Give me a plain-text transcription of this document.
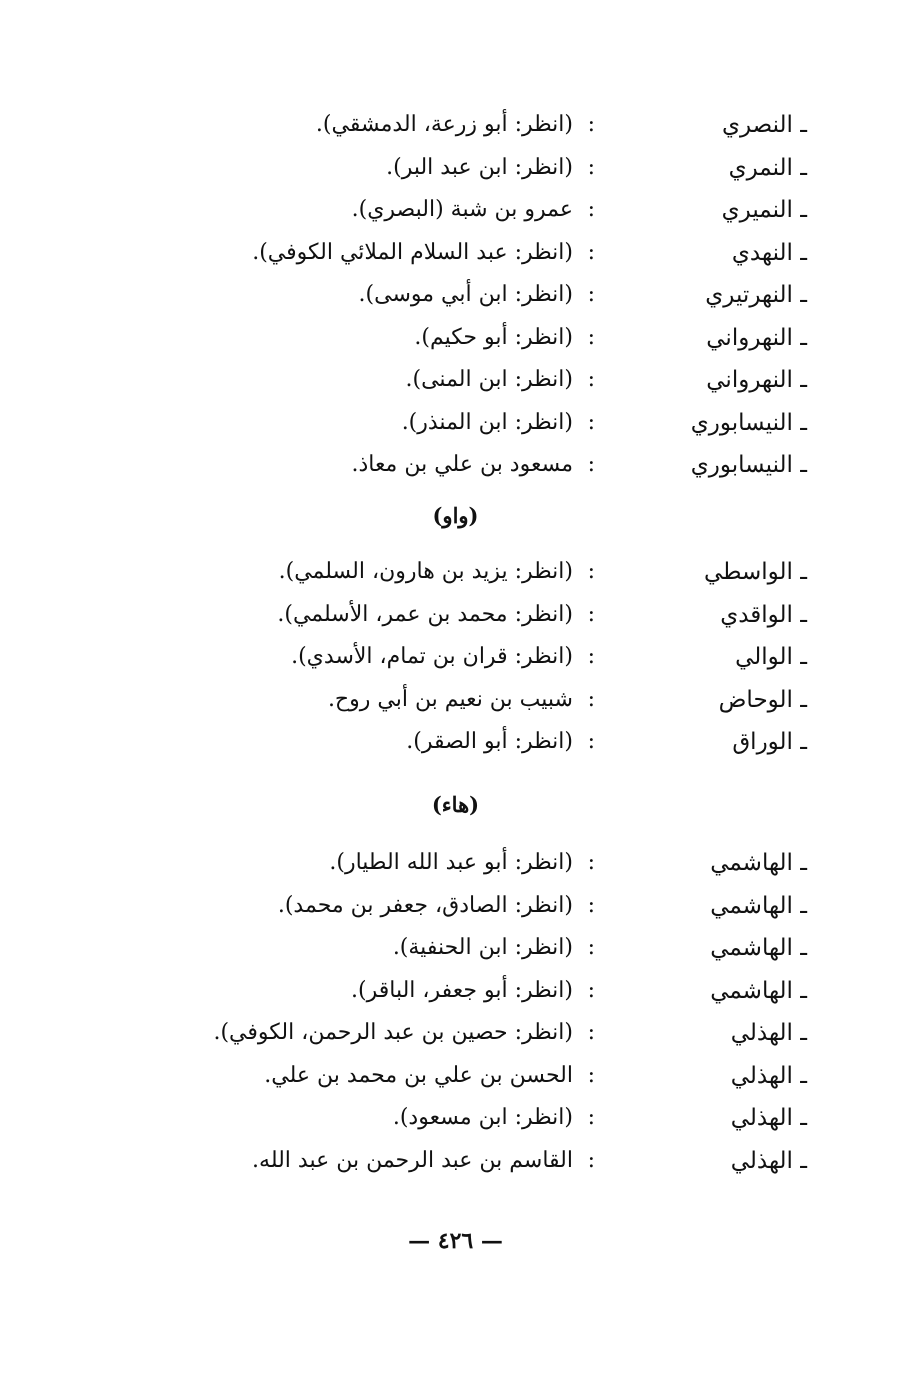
ـ النصري
:
(انظر: أبو زرعة، الدمشقي).
ـ النمري
:
(انظر: ابن عبد البر).
ـ النميري
:
عمرو بن شبة (البصري).
ـ النهدي
:
(انظر: عبد السلام الملائي الكوفي).
ـ النهرتيري
:
(انظر: ابن أبي موسى).
ـ النهرواني
:
(انظر: أبو حكيم).
ـ النهرواني
:
(انظر: ابن المنى).
ـ النيسابوري
:
(انظر: ابن المنذر).
ـ النيسابوري
:
مسعود بن علي بن معاذ.
(واو)
ـ الواسطي
:
(انظر: يزيد بن هارون، السلمي).
ـ الواقدي
:
(انظر: محمد بن عمر، الأسلمي).
ـ الوالي
:
(انظر: قران بن تمام، الأسدي).
ـ الوحاض
:
شبيب بن نعيم بن أبي روح.
ـ الوراق
:
(انظر: أبو الصقر).
(هاء)
ـ الهاشمي
:
(انظر: أبو عبد الله الطيار).
ـ الهاشمي
:
(انظر: الصادق، جعفر بن محمد).
ـ الهاشمي
:
(انظر: ابن الحنفية).
ـ الهاشمي
:
(انظر: أبو جعفر، الباقر).
ـ الهذلي
:
(انظر: حصين بن عبد الرحمن، الكوفي).
ـ الهذلي
:
الحسن بن علي بن محمد بن علي.
ـ الهذلي
:
(انظر: ابن مسعود).
ـ الهذلي
:
القاسم بن عبد الرحمن بن عبد الله.
— ٤٢٦ —
